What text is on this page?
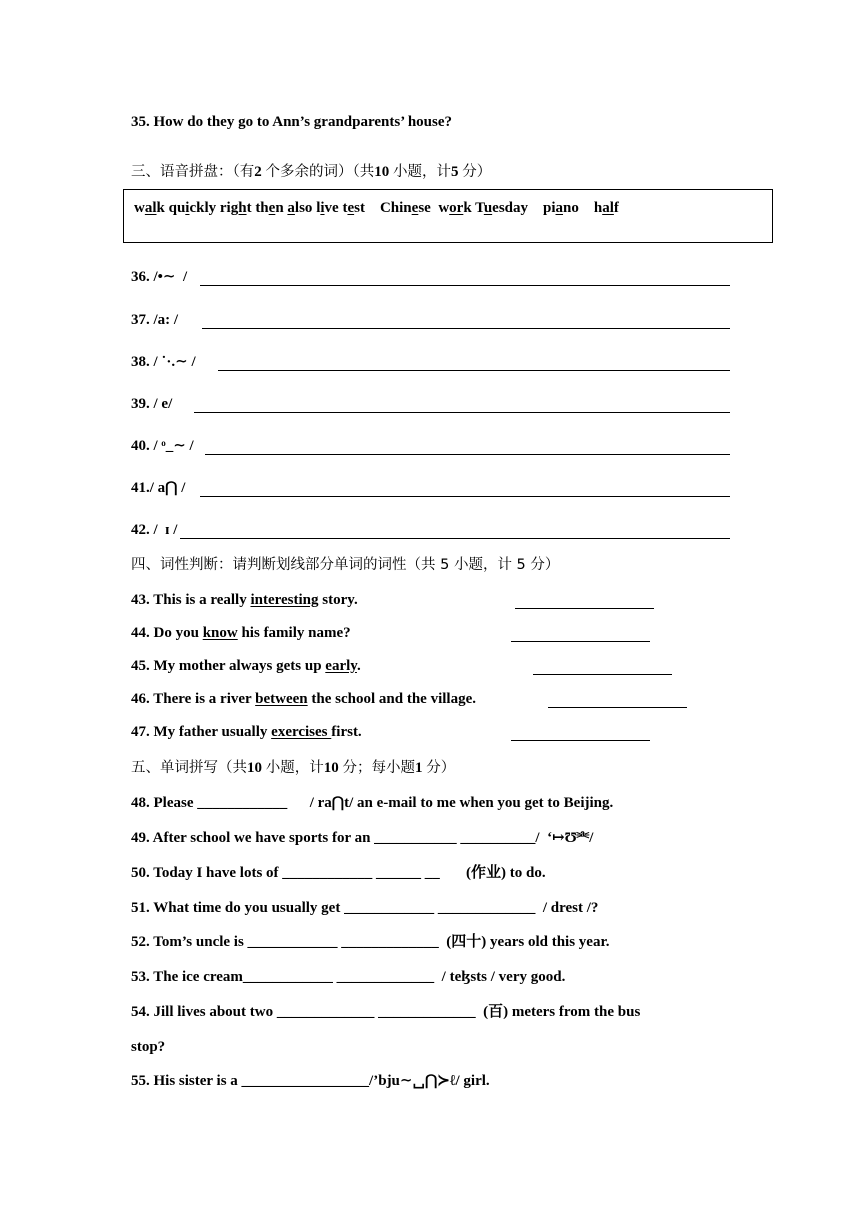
35. How do they go to Ann’s grandparents’ house?
三、语音拼盘：（有2 个多余的词）（共10 小题，计5 分）
walk quickly right then also live test Chinese work Tuesday piano half
36. /•∼  /
37. /a: /
38. / ˙·.∼ /
39. / e/
40. / ᵒ_∼ /
41./ a⋂ /
42. /  ɪ /
四、词性判断：请判断划线部分单词的词性（共 5 小题，计 5 分）
43. This is a really interesting story.
44. Do you know his family name?
45. My mother always gets up early.
46. There is a river between the school and the village.
47. My father usually exercises first.
五、单词拼写（共10 小题，计10 分；每小题1 分）
48. Please ____________      / ra⋂t/ an e-mail to me when you get to Beijing.
49. After school we have sports for an ___________ __________/  ‘↦Ʊ⎃/
50. Today I have lots of ____________ ______ __       (作业) to do.
51. What time do you usually get ____________ _____________  / drest /?
52. Tom’s uncle is ____________ _____________  (四十) years old this year.
53. The ice cream____________ _____________  / teɮsts / very good.
54. Jill lives about two _____________ _____________  (百) meters from the bus
stop?
55. His sister is a _________________/’bju∼␣⋂≻ℓ/ girl.
